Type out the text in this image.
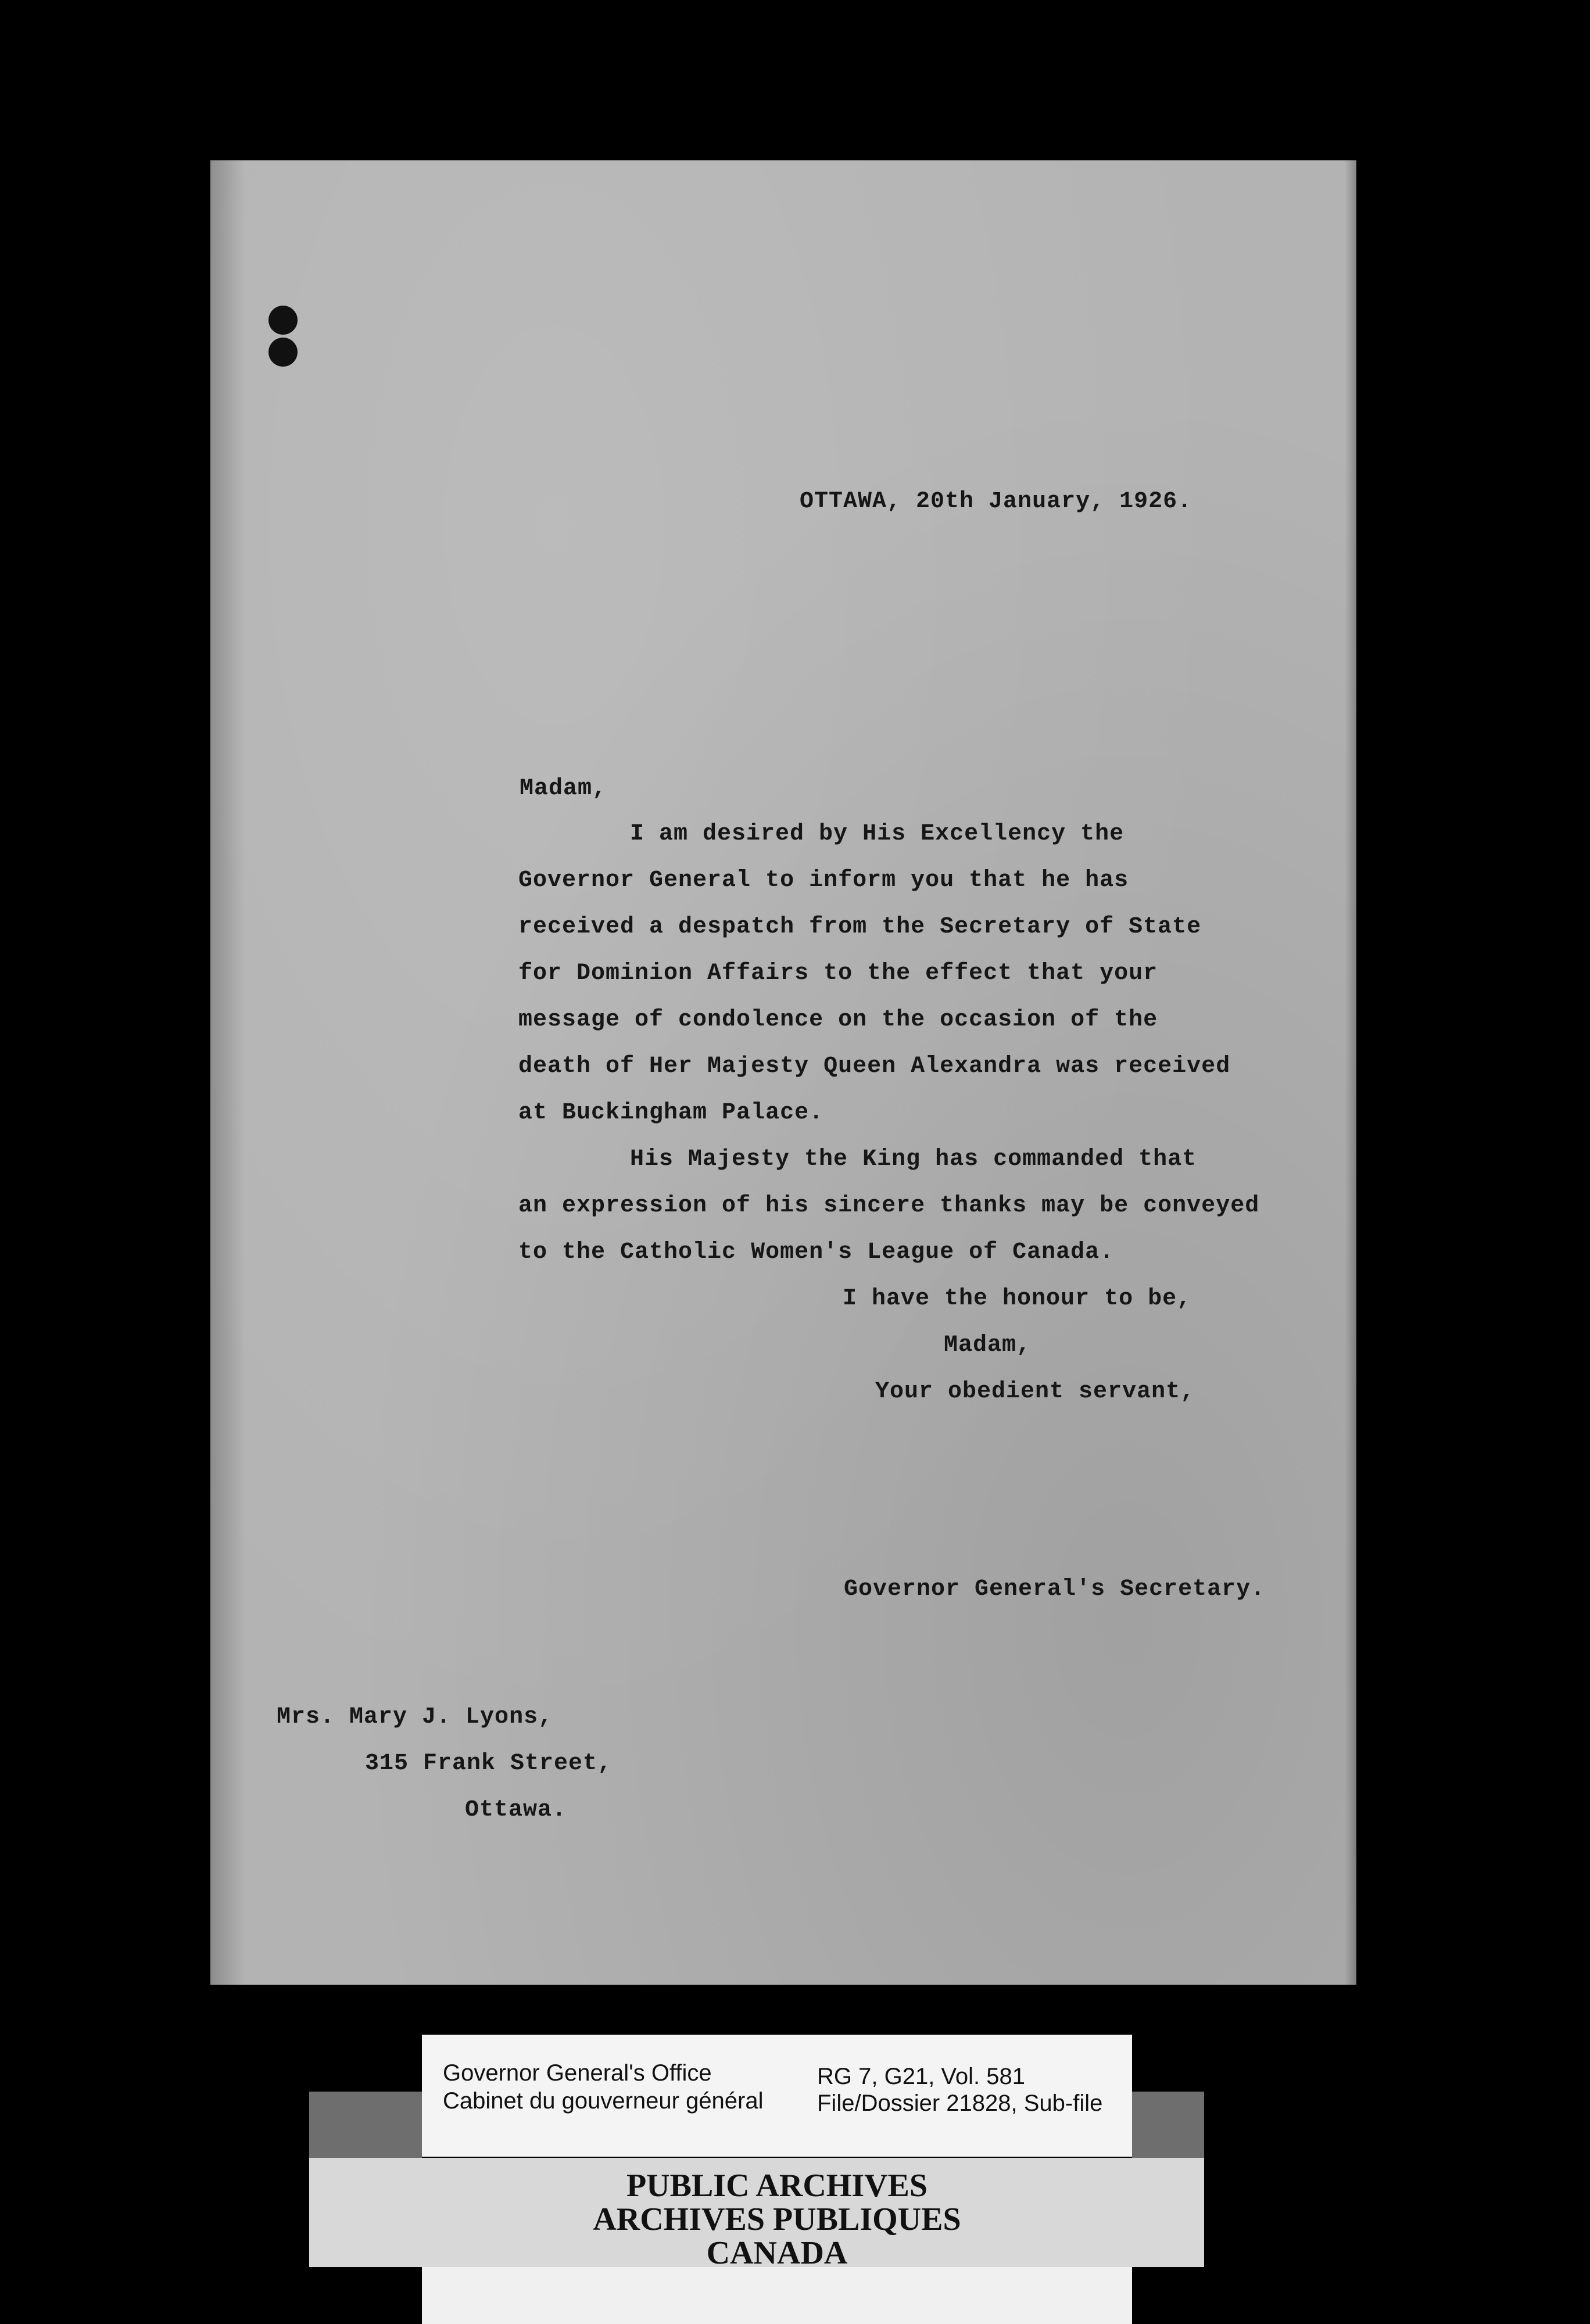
OTTAWA, 20th January, 1926.
Madam,
I am desired by His Excellency the
Governor General to inform you that he has
received a despatch from the Secretary of State
for Dominion Affairs to the effect that your
message of condolence on the occasion of the
death of Her Majesty Queen Alexandra was received
at Buckingham Palace.
His Majesty the King has commanded that
an expression of his sincere thanks may be conveyed
to the Catholic Women's League of Canada.
I have the honour to be,
Madam,
Your obedient servant,
Governor General's Secretary.
Mrs. Mary J. Lyons,
315 Frank Street,
Ottawa.
Governor General's Office
Cabinet du gouverneur général
RG 7, G21, Vol. 581
File/Dossier 21828, Sub-file
PUBLIC ARCHIVES
ARCHIVES PUBLIQUES
CANADA
